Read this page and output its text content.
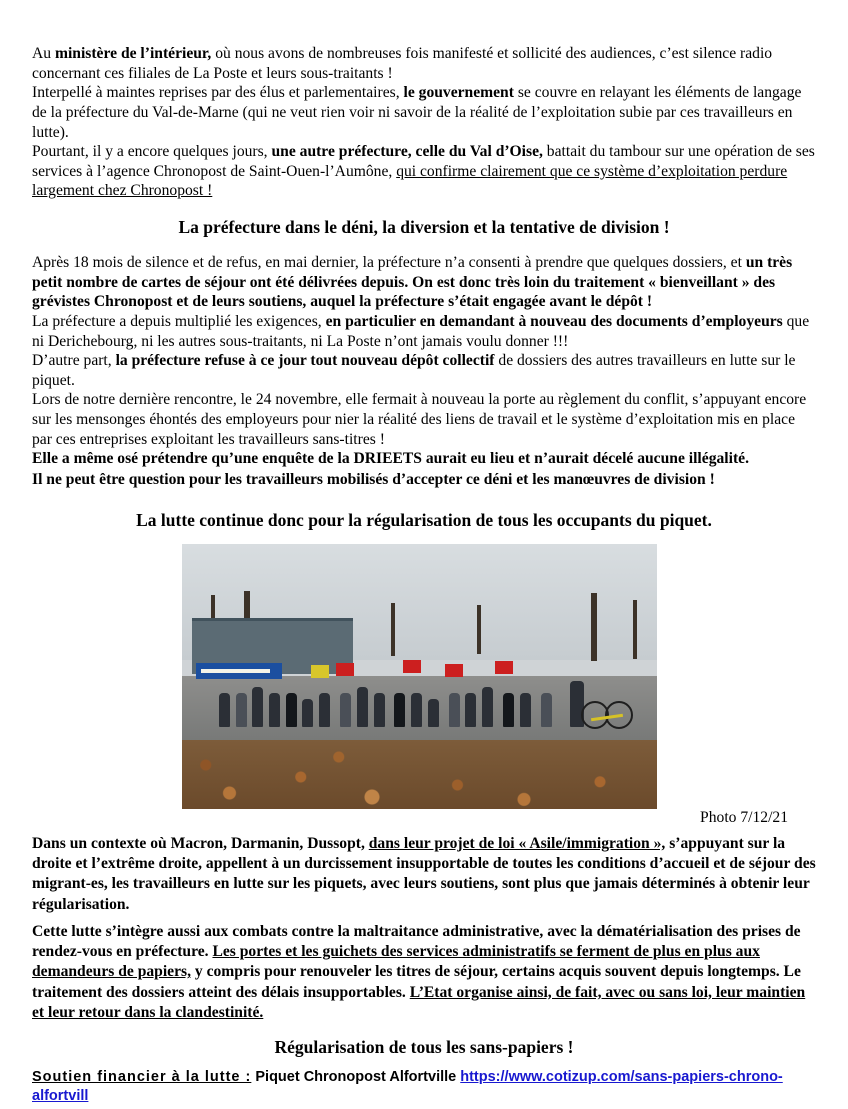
Au ministère de l’intérieur, où nous avons de nombreuses fois manifesté et sollicité des audiences, c’est silence radio concernant ces filiales de La Poste et leurs sous-traitants !

Interpellé à maintes reprises par des élus et parlementaires, le gouvernement se couvre en relayant les éléments de langage de la préfecture du Val-de-Marne (qui ne veut rien voir ni savoir de la réalité de l’exploitation subie par ces travailleurs en lutte).

Pourtant, il y a encore quelques jours, une autre préfecture, celle du Val d’Oise, battait du tambour sur une opération de ses services à l’agence Chronopost de Saint-Ouen-l’Aumône, qui confirme clairement que ce système d’exploitation perdure largement chez Chronopost !

La préfecture dans le déni, la diversion et la tentative de division !

Après 18 mois de silence et de refus, en mai dernier, la préfecture n’a consenti à prendre que quelques dossiers, et un très petit nombre de cartes de séjour ont été délivrées depuis. On est donc très loin du traitement « bienveillant » des grévistes Chronopost et de leurs soutiens, auquel la préfecture s’était engagée avant le dépôt !

La préfecture a depuis multiplié les exigences, en particulier en demandant à nouveau des documents d’employeurs que ni Derichebourg, ni les autres sous-traitants, ni La Poste n’ont jamais voulu donner !!!

D’autre part, la préfecture refuse à ce jour tout nouveau dépôt collectif de dossiers des autres travailleurs en lutte sur le piquet.

Lors de notre dernière rencontre, le 24 novembre, elle fermait à nouveau la porte au règlement du conflit, s’appuyant encore sur les mensonges éhontés des employeurs pour nier la réalité des liens de travail et le système d’exploitation mis en place par ces entreprises exploitant les travailleurs sans-titres !

Elle a même osé prétendre qu’une enquête de la DRIEETS aurait eu lieu et n’aurait décelé aucune illégalité.

Il ne peut être question pour les travailleurs mobilisés d’accepter ce déni et les manœuvres de division !

La lutte continue donc pour la régularisation de tous les occupants du piquet.
Photo 7/12/21

Dans un contexte où Macron, Darmanin, Dussopt, dans leur projet de loi « Asile/immigration », s’appuyant sur la droite et l’extrême droite, appellent à un durcissement insupportable de toutes les conditions d’accueil et de séjour des migrant-es, les travailleurs en lutte sur les piquets, avec leurs soutiens, sont plus que jamais déterminés à obtenir leur régularisation.

Cette lutte s’intègre aussi aux combats contre la maltraitance administrative, avec la dématérialisation des prises de rendez-vous en préfecture. Les portes et les guichets des services administratifs se ferment de plus en plus aux demandeurs de papiers, y compris pour renouveler les titres de séjour, certains acquis souvent depuis longtemps. Le traitement des dossiers atteint des délais insupportables. L’Etat organise ainsi, de fait, avec ou sans loi, leur maintien et leur retour dans la clandestinité.

Régularisation de tous les sans-papiers !

Soutien financier à la lutte : Piquet Chronopost Alfortville https://www.cotizup.com/sans-papiers-chrono-alfortvill
